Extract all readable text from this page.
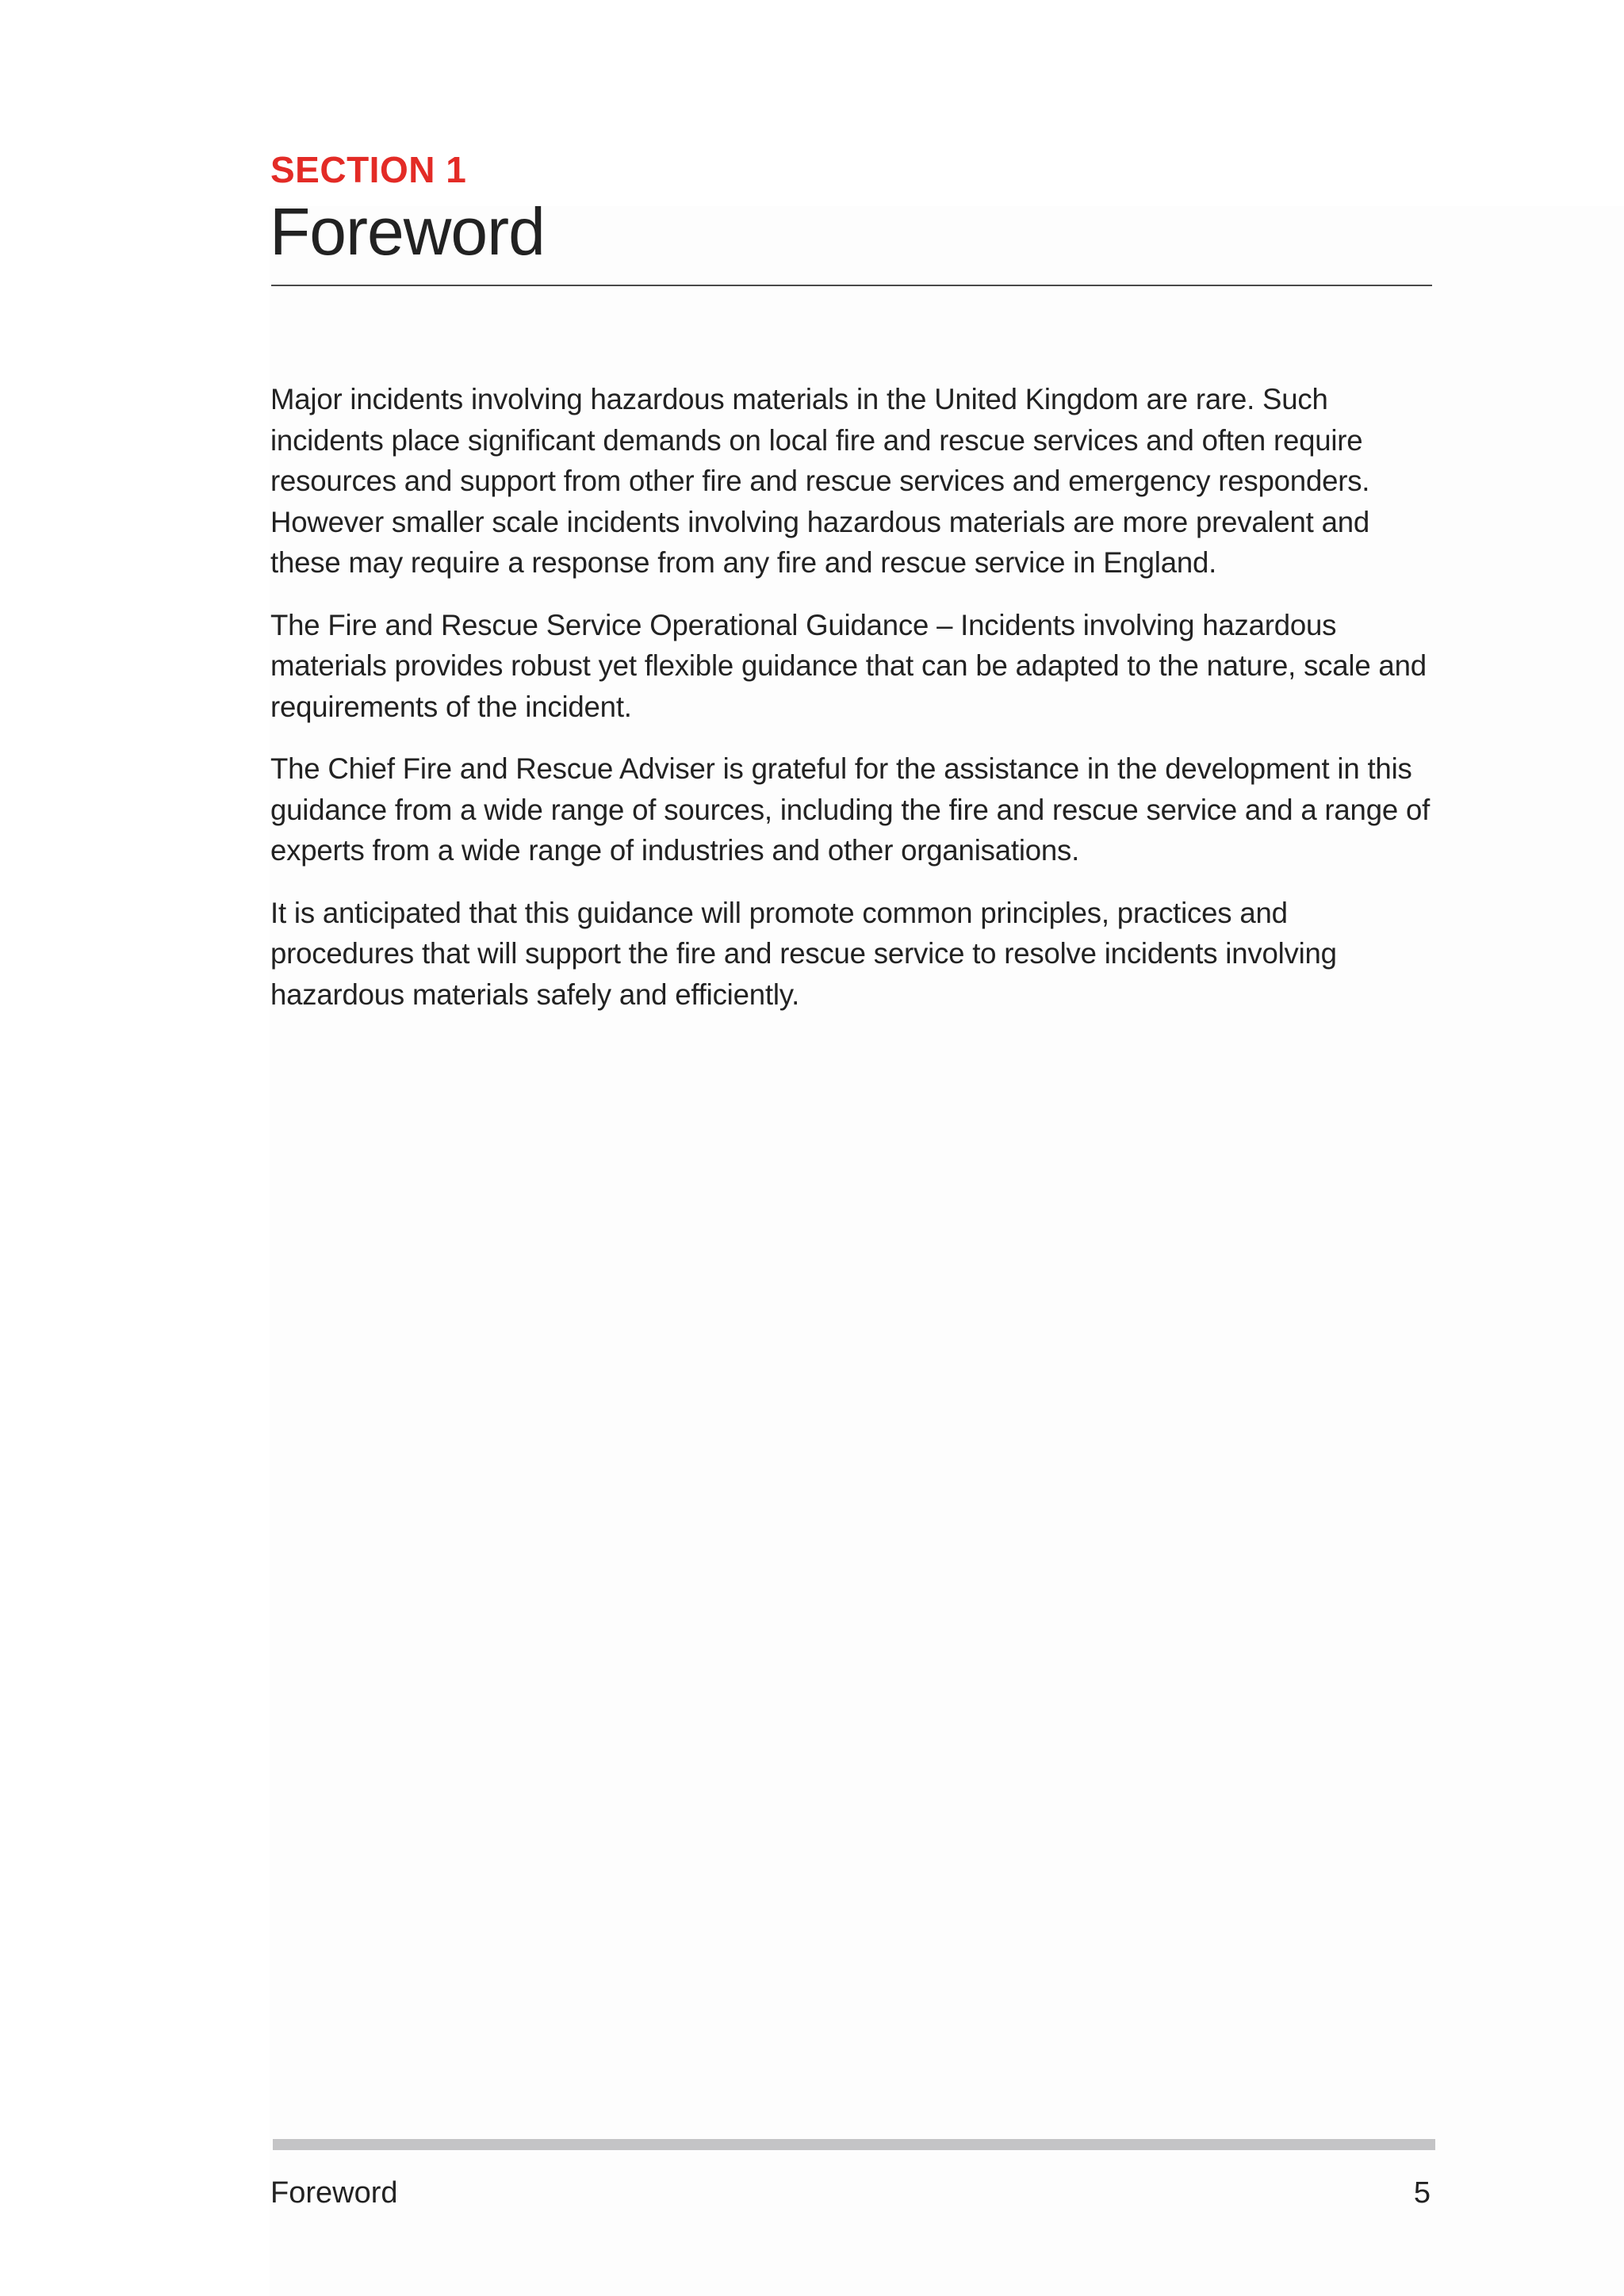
SECTION 1
Foreword

Major incidents involving hazardous materials in the United Kingdom are rare. Such incidents place significant demands on local fire and rescue services and often require resources and support from other fire and rescue services and emergency responders. However smaller scale incidents involving hazardous materials are more prevalent and these may require a response from any fire and rescue service in England.

The Fire and Rescue Service Operational Guidance – Incidents involving hazardous materials provides robust yet flexible guidance that can be adapted to the nature, scale and requirements of the incident.

The Chief Fire and Rescue Adviser is grateful for the assistance in the development in this guidance from a wide range of sources, including the fire and rescue service and a range of experts from a wide range of industries and other organisations.

It is anticipated that this guidance will promote common principles, practices and procedures that will support the fire and rescue service to resolve incidents involving hazardous materials safely and efficiently.

Foreword	5
